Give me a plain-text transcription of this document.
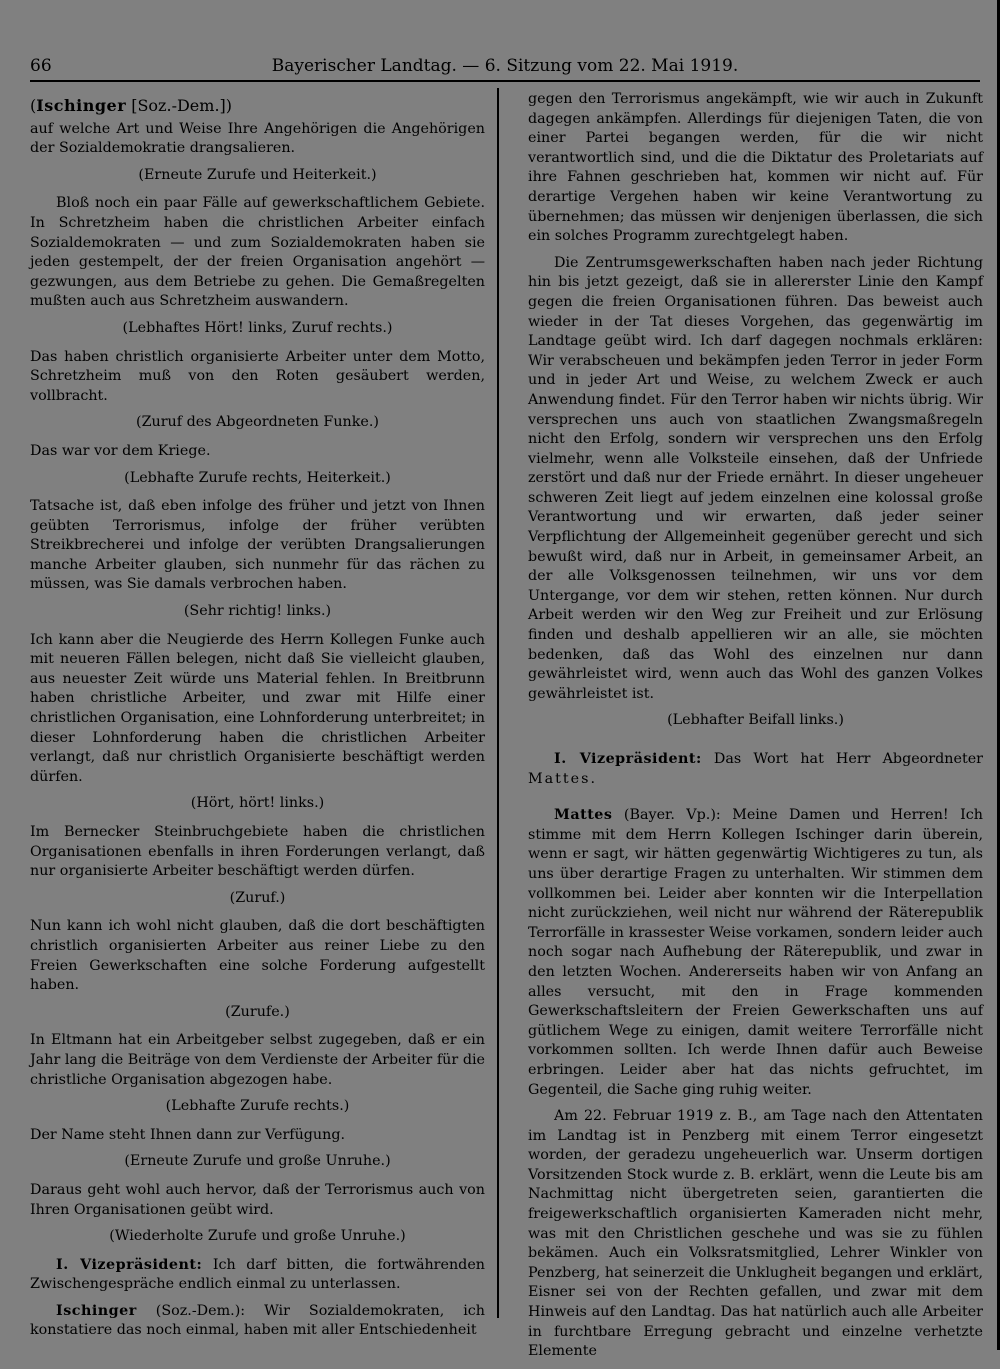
66	Bayerischer Landtag. — 6. Sitzung vom 22. Mai 1919.

(Ischinger [Soz.-Dem.])

auf welche Art und Weise Ihre Angehörigen die Angehörigen der Sozialdemokratie drangsalieren.

(Erneute Zurufe und Heiterkeit.)

Bloß noch ein paar Fälle auf gewerkschaftlichem Gebiete. In Schretzheim haben die christlichen Arbeiter einfach Sozialdemokraten — und zum Sozialdemokraten haben sie jeden gestempelt, der der freien Organisation angehört — gezwungen, aus dem Betriebe zu gehen. Die Gemaßregelten mußten auch aus Schretzheim auswandern.

(Lebhaftes Hört! links, Zuruf rechts.)

Das haben christlich organisierte Arbeiter unter dem Motto, Schretzheim muß von den Roten gesäubert werden, vollbracht.

(Zuruf des Abgeordneten Funke.)

Das war vor dem Kriege.

(Lebhafte Zurufe rechts, Heiterkeit.)

Tatsache ist, daß eben infolge des früher und jetzt von Ihnen geübten Terrorismus, infolge der früher verübten Streikbrecherei und infolge der verübten Drangsalierungen manche Arbeiter glauben, sich nunmehr für das rächen zu müssen, was Sie damals verbrochen haben.

(Sehr richtig! links.)

Ich kann aber die Neugierde des Herrn Kollegen Funke auch mit neueren Fällen belegen, nicht daß Sie vielleicht glauben, aus neuester Zeit würde uns Material fehlen. In Breitbrunn haben christliche Arbeiter, und zwar mit Hilfe einer christlichen Organisation, eine Lohnforderung unterbreitet; in dieser Lohnforderung haben die christlichen Arbeiter verlangt, daß nur christlich Organisierte beschäftigt werden dürfen.

(Hört, hört! links.)

Im Bernecker Steinbruchgebiete haben die christlichen Organisationen ebenfalls in ihren Forderungen verlangt, daß nur organisierte Arbeiter beschäftigt werden dürfen.

(Zuruf.)

Nun kann ich wohl nicht glauben, daß die dort beschäftigten christlich organisierten Arbeiter aus reiner Liebe zu den Freien Gewerkschaften eine solche Forderung aufgestellt haben.

(Zurufe.)

In Eltmann hat ein Arbeitgeber selbst zugegeben, daß er ein Jahr lang die Beiträge von dem Verdienste der Arbeiter für die christliche Organisation abgezogen habe.

(Lebhafte Zurufe rechts.)

Der Name steht Ihnen dann zur Verfügung.

(Erneute Zurufe und große Unruhe.)

Daraus geht wohl auch hervor, daß der Terrorismus auch von Ihren Organisationen geübt wird.

(Wiederholte Zurufe und große Unruhe.)

I. Vizepräsident: Ich darf bitten, die fortwährenden Zwischengespräche endlich einmal zu unterlassen.

Ischinger (Soz.-Dem.): Wir Sozialdemokraten, ich konstatiere das noch einmal, haben mit aller Entschiedenheit

gegen den Terrorismus angekämpft, wie wir auch in Zukunft dagegen ankämpfen. Allerdings für diejenigen Taten, die von einer Partei begangen werden, für die wir nicht verantwortlich sind, und die die Diktatur des Proletariats auf ihre Fahnen geschrieben hat, kommen wir nicht auf. Für derartige Vergehen haben wir keine Verantwortung zu übernehmen; das müssen wir denjenigen überlassen, die sich ein solches Programm zurechtgelegt haben.

Die Zentrumsgewerkschaften haben nach jeder Richtung hin bis jetzt gezeigt, daß sie in allererster Linie den Kampf gegen die freien Organisationen führen. Das beweist auch wieder in der Tat dieses Vorgehen, das gegenwärtig im Landtage geübt wird. Ich darf dagegen nochmals erklären: Wir verabscheuen und bekämpfen jeden Terror in jeder Form und in jeder Art und Weise, zu welchem Zweck er auch Anwendung findet. Für den Terror haben wir nichts übrig. Wir versprechen uns auch von staatlichen Zwangsmaßregeln nicht den Erfolg, sondern wir versprechen uns den Erfolg vielmehr, wenn alle Volksteile einsehen, daß der Unfriede zerstört und daß nur der Friede ernährt. In dieser ungeheuer schweren Zeit liegt auf jedem einzelnen eine kolossal große Verantwortung und wir erwarten, daß jeder seiner Verpflichtung der Allgemeinheit gegenüber gerecht und sich bewußt wird, daß nur in Arbeit, in gemeinsamer Arbeit, an der alle Volksgenossen teilnehmen, wir uns vor dem Untergange, vor dem wir stehen, retten können. Nur durch Arbeit werden wir den Weg zur Freiheit und zur Erlösung finden und deshalb appellieren wir an alle, sie möchten bedenken, daß das Wohl des einzelnen nur dann gewährleistet wird, wenn auch das Wohl des ganzen Volkes gewährleistet ist.

(Lebhafter Beifall links.)

I. Vizepräsident: Das Wort hat Herr Abgeordneter Mattes.

Mattes (Bayer. Vp.): Meine Damen und Herren! Ich stimme mit dem Herrn Kollegen Ischinger darin überein, wenn er sagt, wir hätten gegenwärtig Wichtigeres zu tun, als uns über derartige Fragen zu unterhalten. Wir stimmen dem vollkommen bei. Leider aber konnten wir die Interpellation nicht zurückziehen, weil nicht nur während der Räterepublik Terrorfälle in krassester Weise vorkamen, sondern leider auch noch sogar nach Aufhebung der Räterepublik, und zwar in den letzten Wochen. Andererseits haben wir von Anfang an alles versucht, mit den in Frage kommenden Gewerkschaftsleitern der Freien Gewerkschaften uns auf gütlichem Wege zu einigen, damit weitere Terrorfälle nicht vorkommen sollten. Ich werde Ihnen dafür auch Beweise erbringen. Leider aber hat das nichts gefruchtet, im Gegenteil, die Sache ging ruhig weiter.

Am 22. Februar 1919 z. B., am Tage nach den Attentaten im Landtag ist in Penzberg mit einem Terror eingesetzt worden, der geradezu ungeheuerlich war. Unserm dortigen Vorsitzenden Stock wurde z. B. erklärt, wenn die Leute bis am Nachmittag nicht übergetreten seien, garantierten die freigewerkschaftlich organisierten Kameraden nicht mehr, was mit den Christlichen geschehe und was sie zu fühlen bekämen. Auch ein Volksratsmitglied, Lehrer Winkler von Penzberg, hat seinerzeit die Unklugheit begangen und erklärt, Eisner sei von der Rechten gefallen, und zwar mit dem Hinweis auf den Landtag. Das hat natürlich auch alle Arbeiter in furchtbare Erregung gebracht und einzelne verhetzte Elemente
